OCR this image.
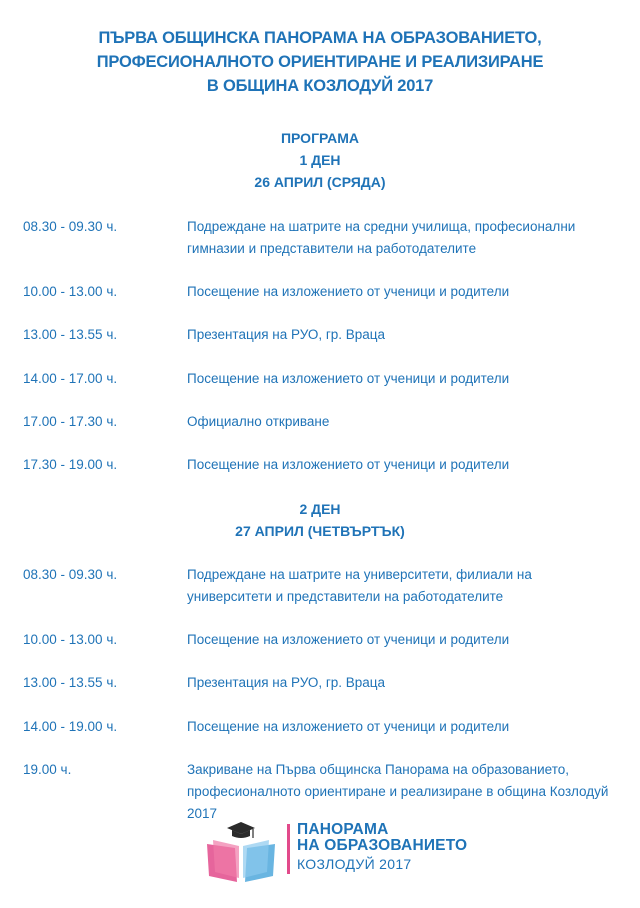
ПЪРВА ОБЩИНСКА ПАНОРАМА НА ОБРАЗОВАНИЕТО,
ПРОФЕСИОНАЛНОТО ОРИЕНТИРАНЕ И РЕАЛИЗИРАНЕ
В ОБЩИНА КОЗЛОДУЙ 2017
ПРОГРАМА
1 ДЕН
26 АПРИЛ (СРЯДА)
08.30 - 09.30 ч.	Подреждане на шатрите на средни училища, професионални гимназии и представители на работодателите
10.00 - 13.00 ч.	Посещение на изложението от ученици и родители
13.00 - 13.55 ч.	Презентация на РУО, гр. Враца
14.00 - 17.00 ч.	Посещение на изложението от ученици и родители
17.00 - 17.30 ч.	Официално откриване
17.30 - 19.00 ч.	Посещение на изложението от ученици и родители
2 ДЕН
27 АПРИЛ (ЧЕТВЪРТЪК)
08.30 - 09.30 ч.	Подреждане на шатрите на университети, филиали на университети и представители на работодателите
10.00 - 13.00 ч.	Посещение на изложението от ученици и родители
13.00 - 13.55 ч.	Презентация на РУО, гр. Враца
14.00 - 19.00 ч.	Посещение на изложението от ученици и родители
19.00 ч.	Закриване на Първа общинска Панорама на образованието, професионалното ориентиране и реализиране в община Козлодуй 2017
ПАНОРАМА
НА ОБРАЗОВАНИЕТО
КОЗЛОДУЙ 2017
